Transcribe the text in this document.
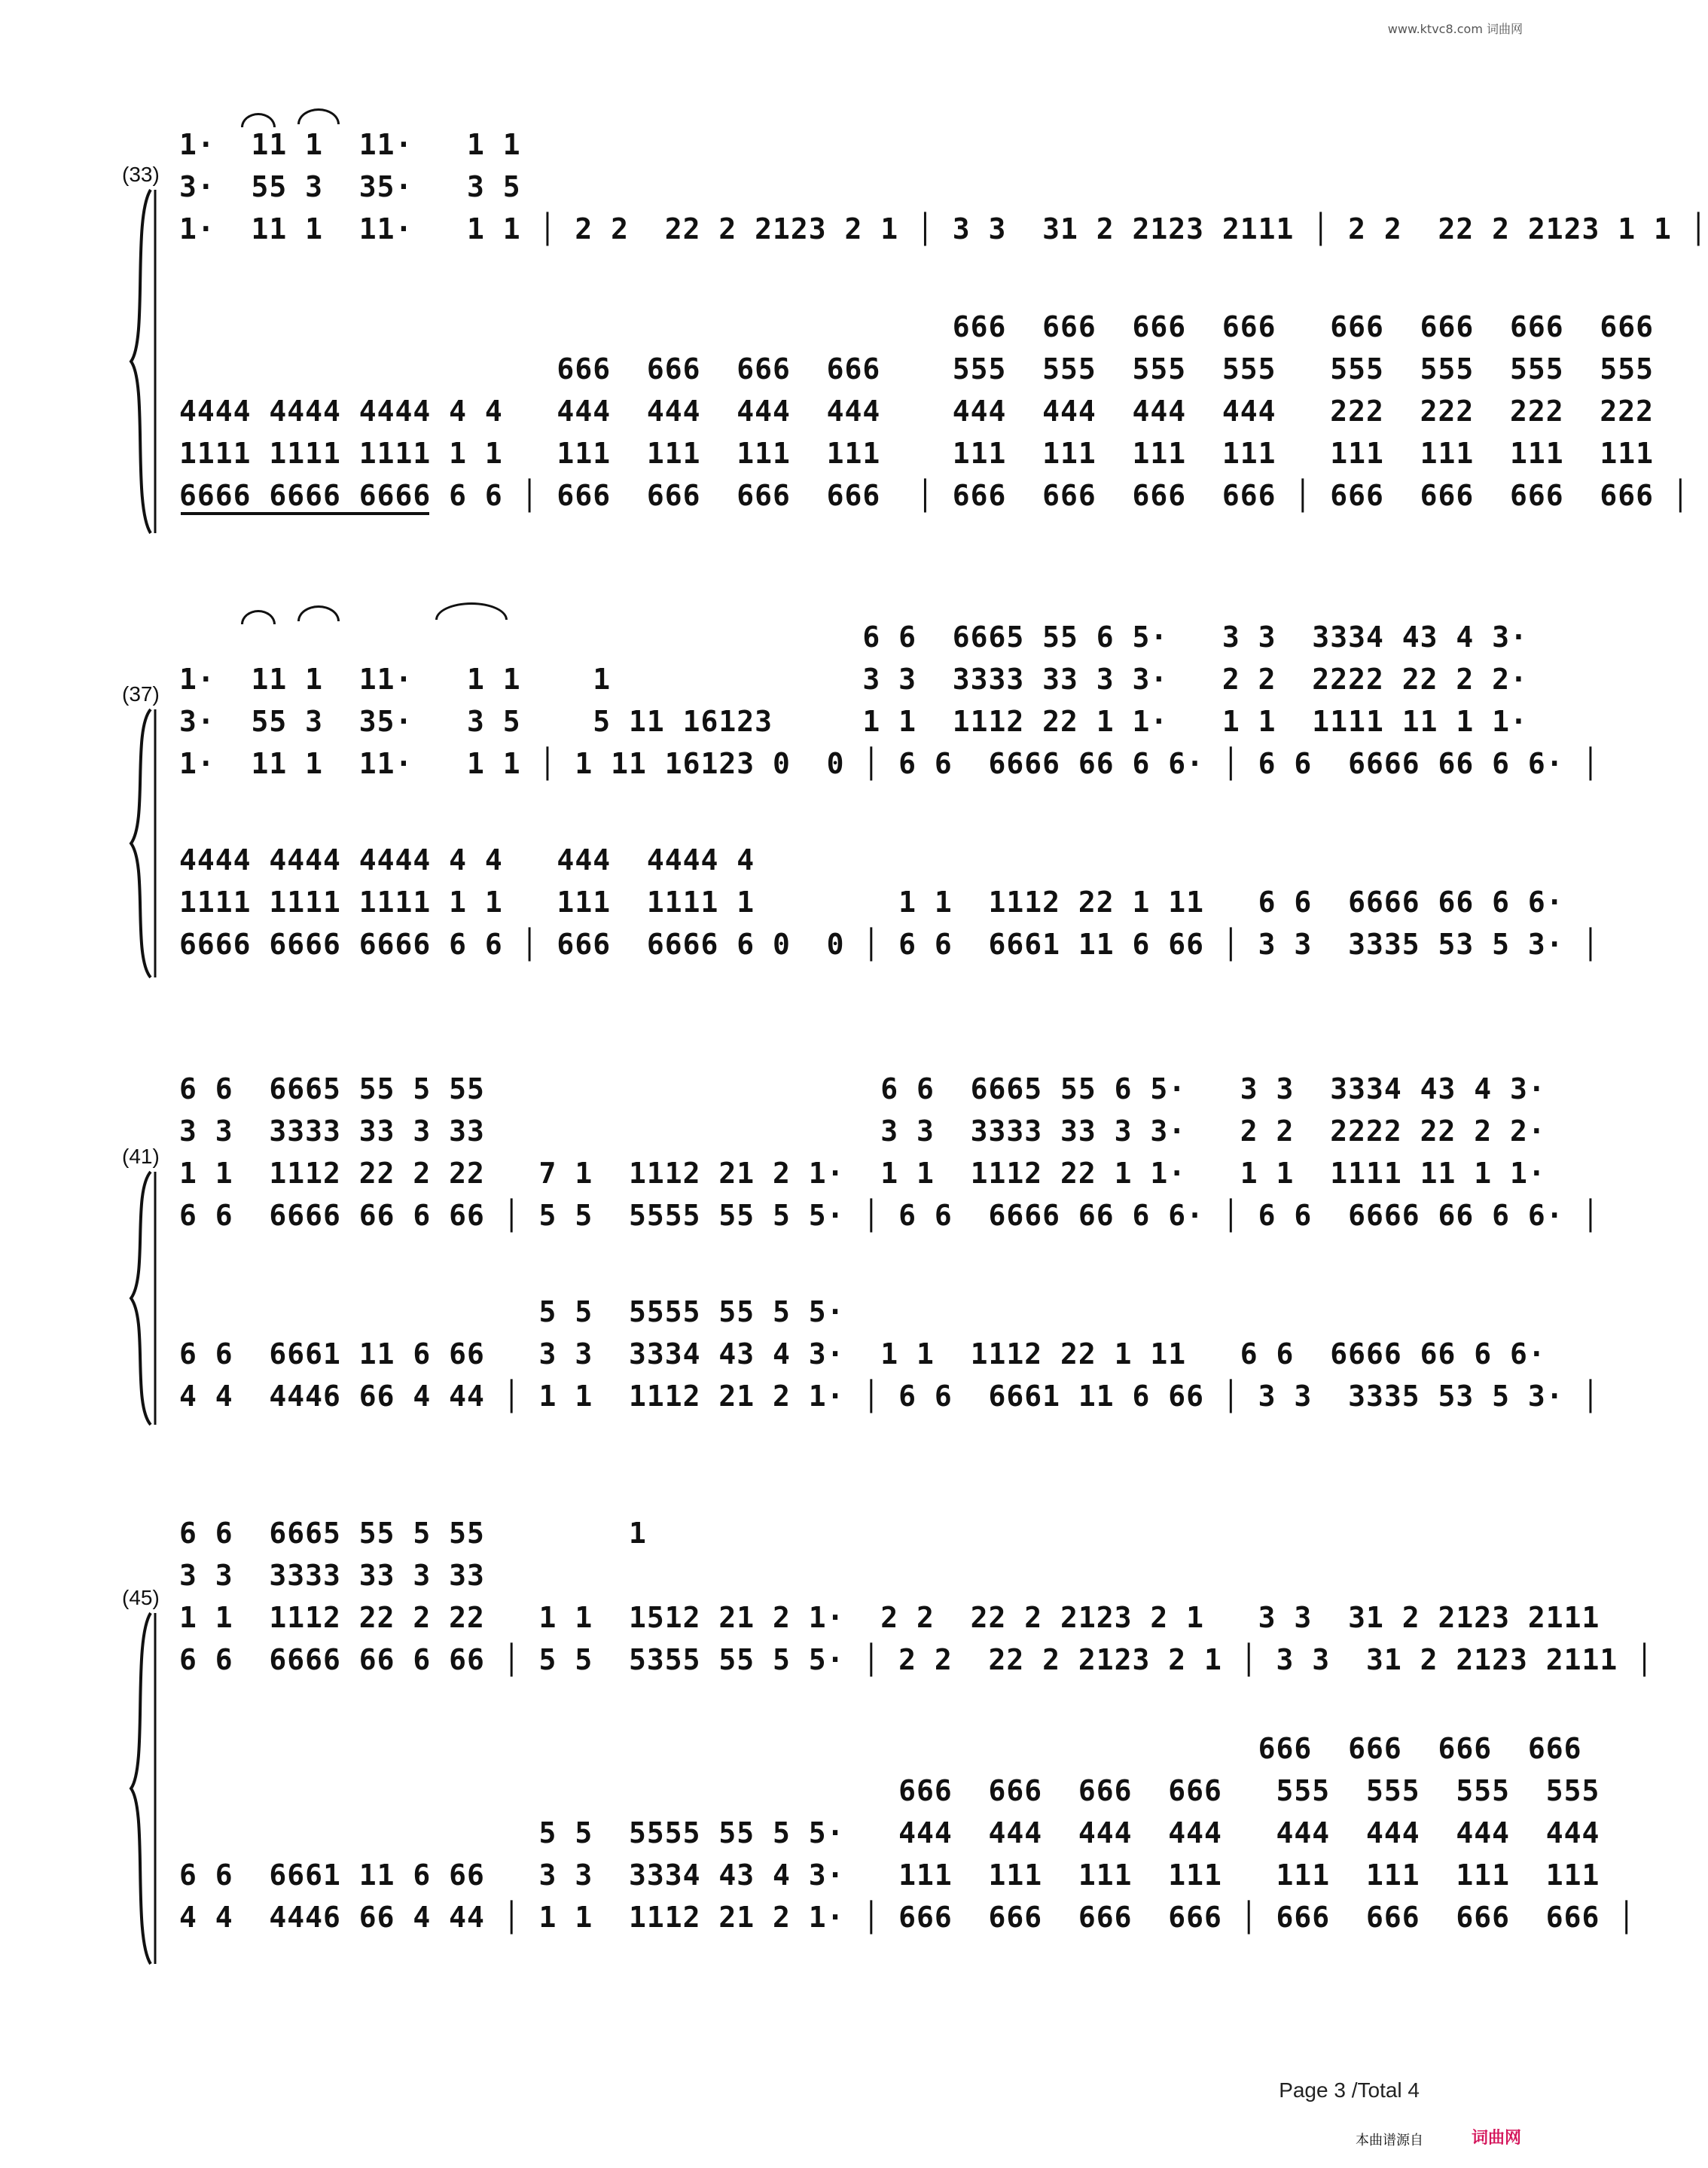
www.ktvc8.com 词曲网
(33)
1·  11 1  11·   1 1
3·  55 3  35·   3 5
1·  11 1  11·   1 1 │ 2 2  22 2 2123 2 1 │ 3 3  31 2 2123 2111 │ 2 2  22 2 2123 1 1 │
666  666  666  666   666  666  666  666
666  666  666  666    555  555  555  555   555  555  555  555
4444 4444 4444 4 4   444  444  444  444    444  444  444  444   222  222  222  222
1111 1111 1111 1 1   111  111  111  111    111  111  111  111   111  111  111  111
6666 6666 6666 6 6 │ 666  666  666  666  │ 666  666  666  666 │ 666  666  666  666 │
(37)
6 6  6665 55 6 5·   3 3  3334 43 4 3·
1·  11 1  11·   1 1    1              3 3  3333 33 3 3·   2 2  2222 22 2 2·
3·  55 3  35·   3 5    5 11 16123     1 1  1112 22 1 1·   1 1  1111 11 1 1·
1·  11 1  11·   1 1 │ 1 11 16123 0  0 │ 6 6  6666 66 6 6· │ 6 6  6666 66 6 6· │
4444 4444 4444 4 4   444  4444 4
1111 1111 1111 1 1   111  1111 1        1 1  1112 22 1 11   6 6  6666 66 6 6·
6666 6666 6666 6 6 │ 666  6666 6 0  0 │ 6 6  6661 11 6 66 │ 3 3  3335 53 5 3· │
(41)
6 6  6665 55 5 55                      6 6  6665 55 6 5·   3 3  3334 43 4 3·
3 3  3333 33 3 33                      3 3  3333 33 3 3·   2 2  2222 22 2 2·
1 1  1112 22 2 22   7 1  1112 21 2 1·  1 1  1112 22 1 1·   1 1  1111 11 1 1·
6 6  6666 66 6 66 │ 5 5  5555 55 5 5· │ 6 6  6666 66 6 6· │ 6 6  6666 66 6 6· │
5 5  5555 55 5 5·
6 6  6661 11 6 66   3 3  3334 43 4 3·  1 1  1112 22 1 11   6 6  6666 66 6 6·
4 4  4446 66 4 44 │ 1 1  1112 21 2 1· │ 6 6  6661 11 6 66 │ 3 3  3335 53 5 3· │
(45)
6 6  6665 55 5 55        1
3 3  3333 33 3 33
1 1  1112 22 2 22   1 1  1512 21 2 1·  2 2  22 2 2123 2 1   3 3  31 2 2123 2111
6 6  6666 66 6 66 │ 5 5  5355 55 5 5· │ 2 2  22 2 2123 2 1 │ 3 3  31 2 2123 2111 │
666  666  666  666
666  666  666  666   555  555  555  555
5 5  5555 55 5 5·   444  444  444  444   444  444  444  444
6 6  6661 11 6 66   3 3  3334 43 4 3·   111  111  111  111   111  111  111  111
4 4  4446 66 4 44 │ 1 1  1112 21 2 1· │ 666  666  666  666 │ 666  666  666  666 │
Page 3 /Total 4
本曲谱源自	词曲网
